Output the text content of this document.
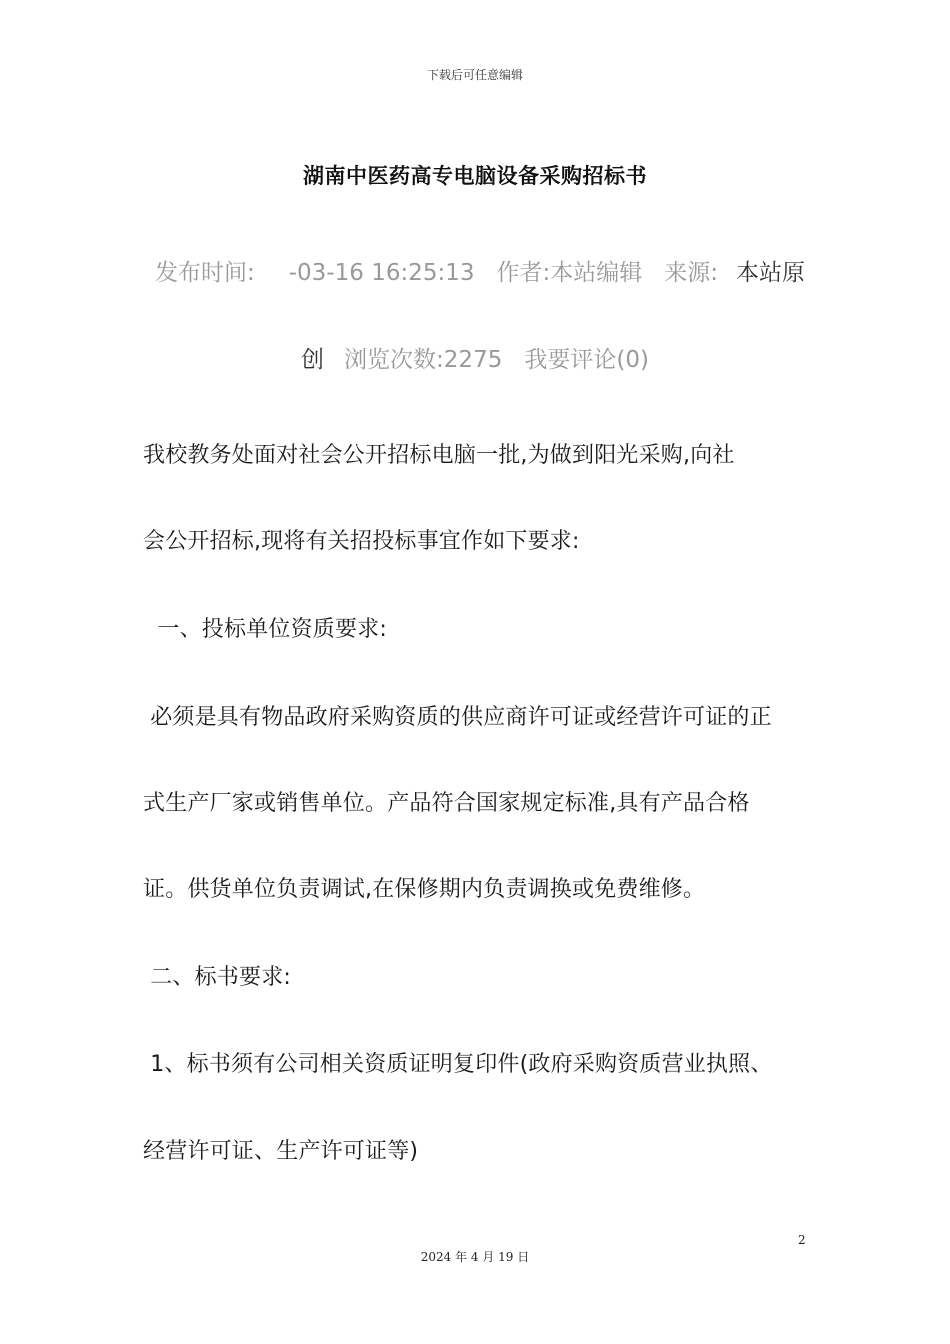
下载后可任意编辑
湖南中医药高专电脑设备采购招标书
发布时间: -03-16 16:25:13 作者:本站编辑 来源: 本站原
创 浏览次数:2275 我要评论(0)
我校教务处面对社会公开招标电脑一批,为做到阳光采购,向社
会公开招标,现将有关招投标事宜作如下要求:
一、投标单位资质要求:
必须是具有物品政府采购资质的供应商许可证或经营许可证的正
式生产厂家或销售单位。产品符合国家规定标准,具有产品合格
证。供货单位负责调试,在保修期内负责调换或免费维修。
二、标书要求:
1、标书须有公司相关资质证明复印件(政府采购资质营业执照、
经营许可证、生产许可证等)
2
2024 年 4 月 19 日
